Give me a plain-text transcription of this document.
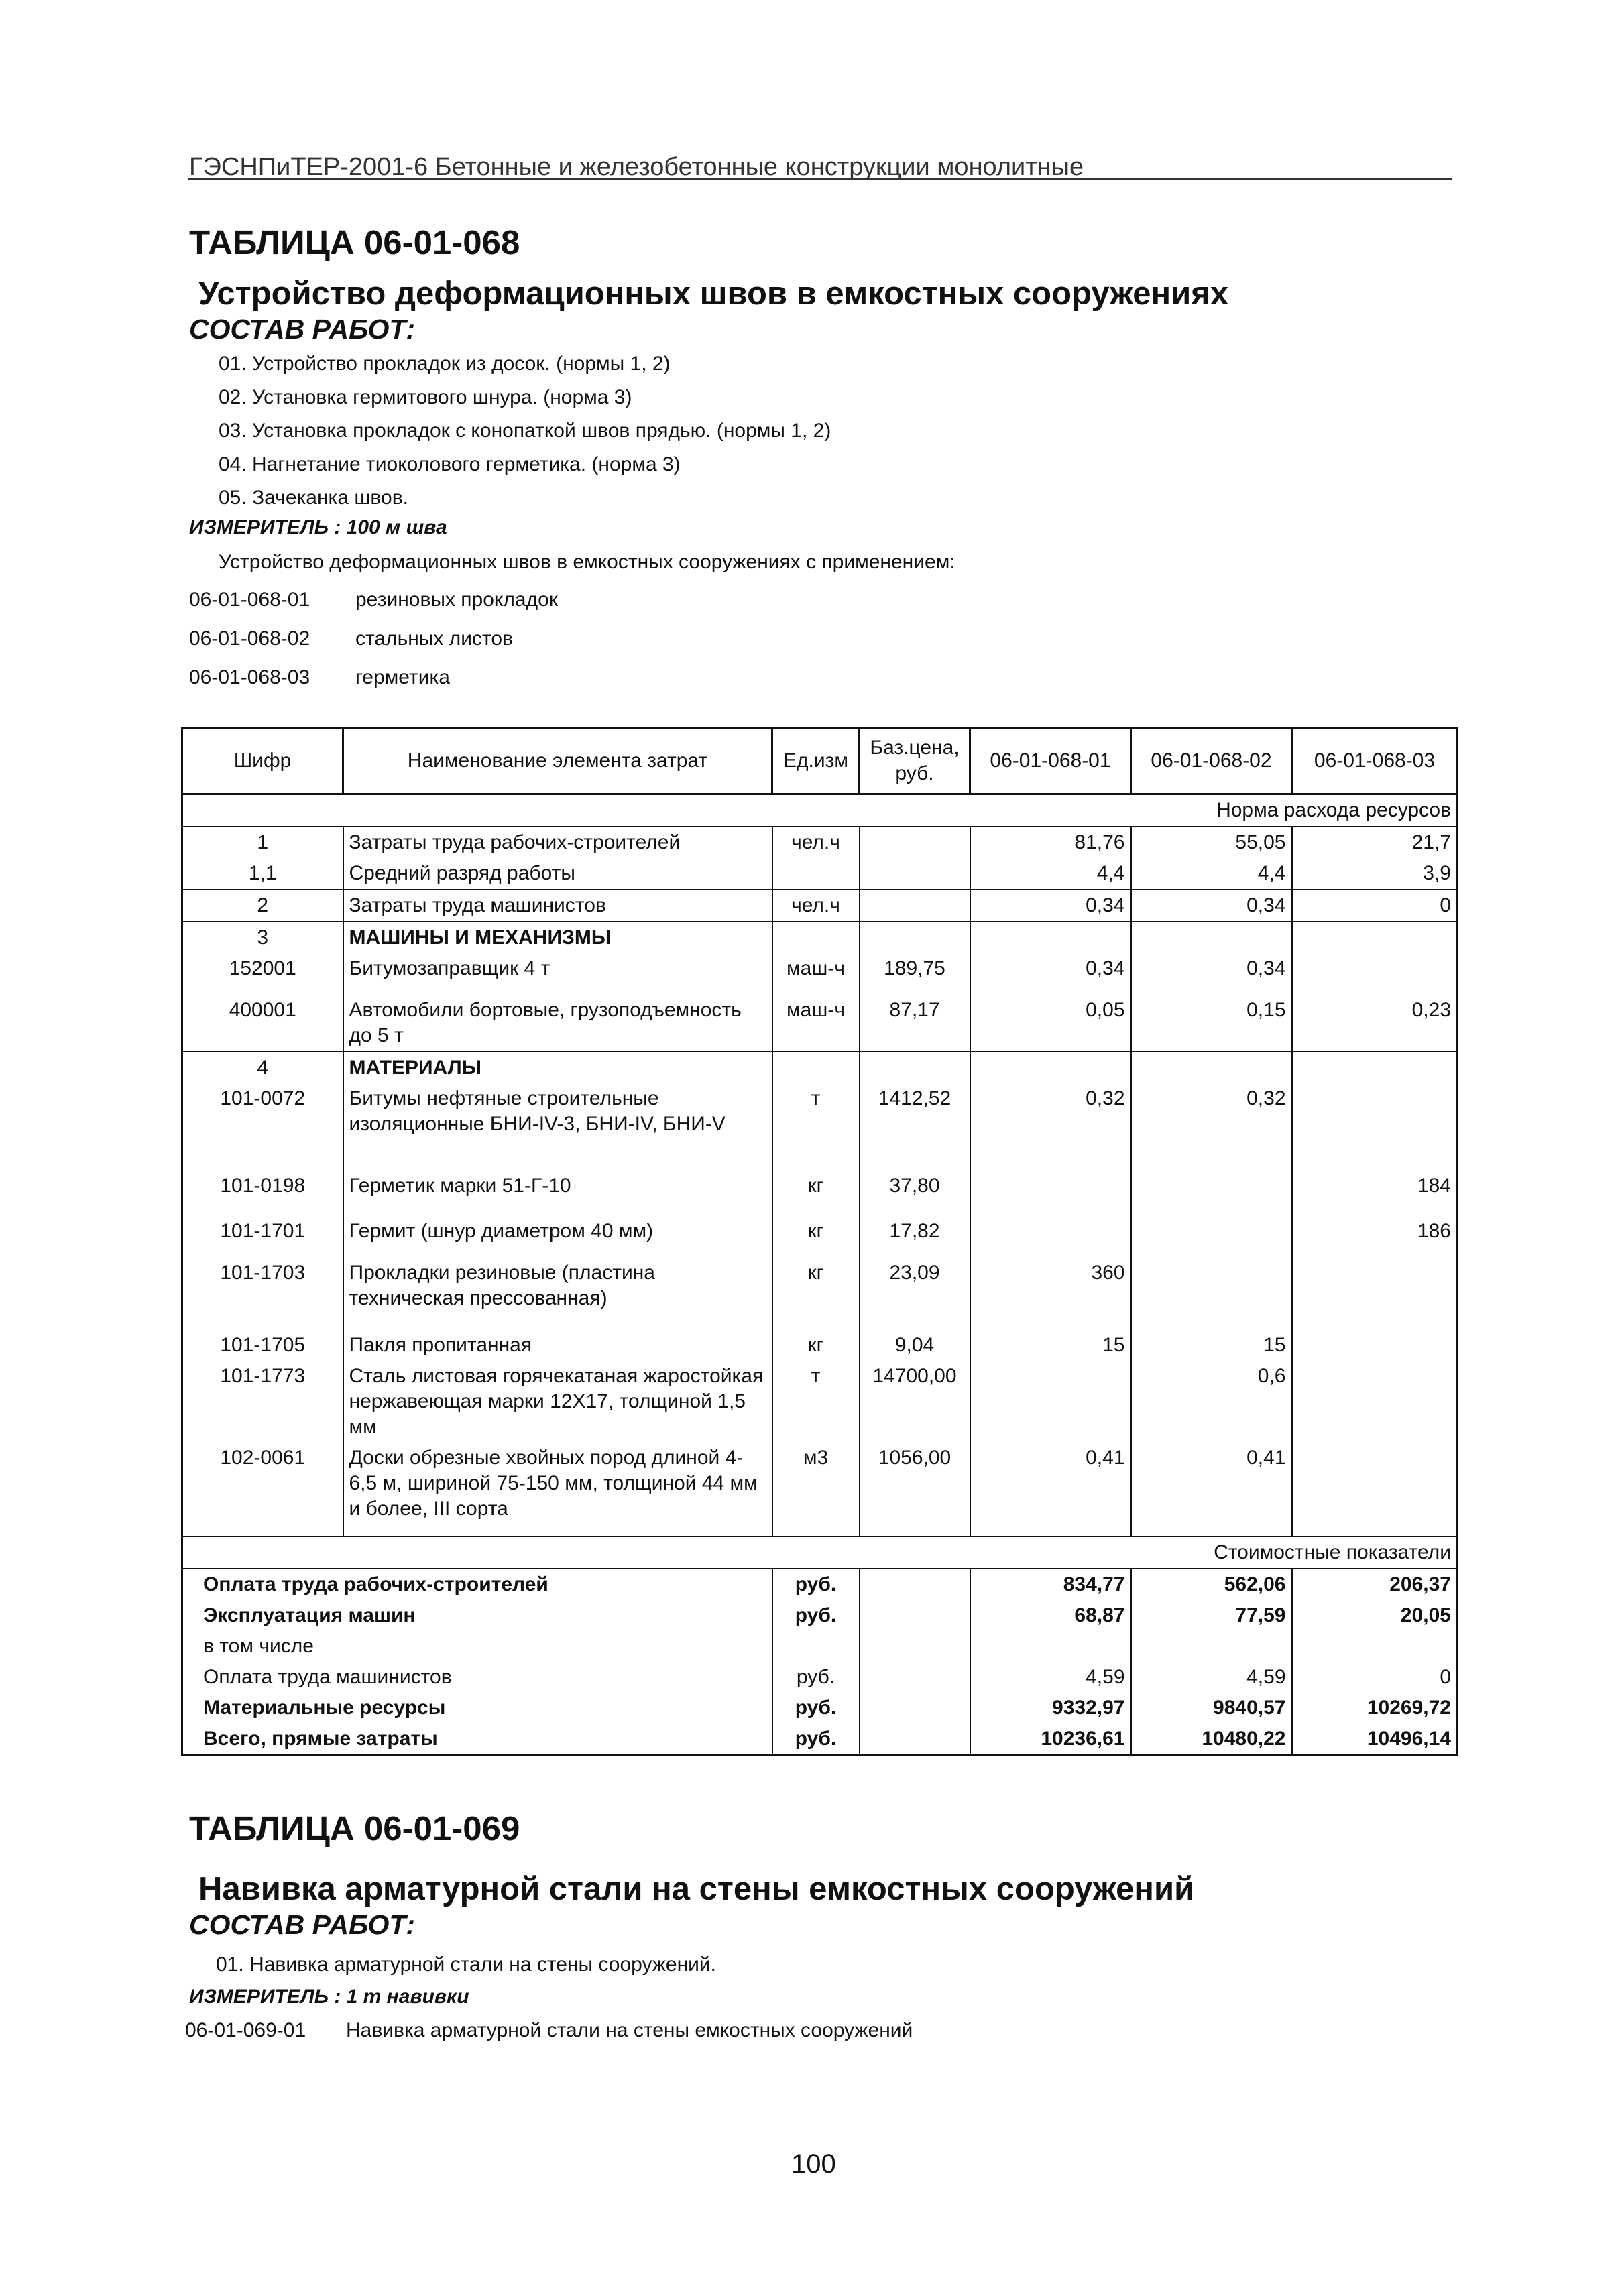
ГЭСНПиТЕР-2001-6 Бетонные и железобетонные конструкции монолитные
ТАБЛИЦА 06-01-068
Устройство деформационных швов в емкостных сооружениях
СОСТАВ РАБОТ:
01. Устройство прокладок из досок. (нормы 1, 2)
02. Установка гермитового шнура. (норма 3)
03. Установка прокладок с конопаткой швов прядью. (нормы 1, 2)
04. Нагнетание тиоколового герметика. (норма 3)
05. Зачеканка швов.
ИЗМЕРИТЕЛЬ : 100 м шва
Устройство деформационных швов в емкостных сооружениях с применением:
06-01-068-01 резиновых прокладок
06-01-068-02 стальных листов
06-01-068-03 герметика
Шифр	Наименование элемента затрат	Ед.изм	Баз.цена, руб.	06-01-068-01	06-01-068-02	06-01-068-03
Норма расхода ресурсов						
1	Затраты труда рабочих-строителей	чел.ч		81,76	55,05	21,7
1,1	Средний разряд работы			4,4	4,4	3,9
2	Затраты труда машинистов	чел.ч		0,34	0,34	0
3	МАШИНЫ И МЕХАНИЗМЫ					
152001	Битумозаправщик 4 т	маш-ч	189,75	0,34	0,34	
400001	Автомобили бортовые, грузоподъемность до 5 т	маш-ч	87,17	0,05	0,15	0,23
4	МАТЕРИАЛЫ					
101-0072	Битумы нефтяные строительные изоляционные БНИ-IV-3, БНИ-IV, БНИ-V	т	1412,52	0,32	0,32	
101-0198	Герметик марки 51-Г-10	кг	37,80			184
101-1701	Гермит (шнур диаметром 40 мм)	кг	17,82			186
101-1703	Прокладки резиновые (пластина техническая прессованная)	кг	23,09	360		
101-1705	Пакля пропитанная	кг	9,04	15	15	
101-1773	Сталь листовая горячекатаная жаростойкая нержавеющая марки 12Х17, толщиной 1,5 мм	т	14700,00		0,6	
102-0061	Доски обрезные хвойных пород длиной 4-6,5 м, шириной 75-150 мм, толщиной 44 мм и более, III сорта	м3	1056,00	0,41	0,41	
Стоимостные показатели						
Оплата труда рабочих-строителей		руб.		834,77	562,06	206,37
Эксплуатация машин		руб.		68,87	77,59	20,05
в том числе						
Оплата труда машинистов		руб.		4,59	4,59	0
Материальные ресурсы		руб.		9332,97	9840,57	10269,72
Всего, прямые затраты		руб.		10236,61	10480,22	10496,14
ТАБЛИЦА 06-01-069
Навивка арматурной стали на стены емкостных сооружений
СОСТАВ РАБОТ:
01. Навивка арматурной стали на стены сооружений.
ИЗМЕРИТЕЛЬ : 1 т навивки
06-01-069-01 Навивка арматурной стали на стены емкостных сооружений
100
